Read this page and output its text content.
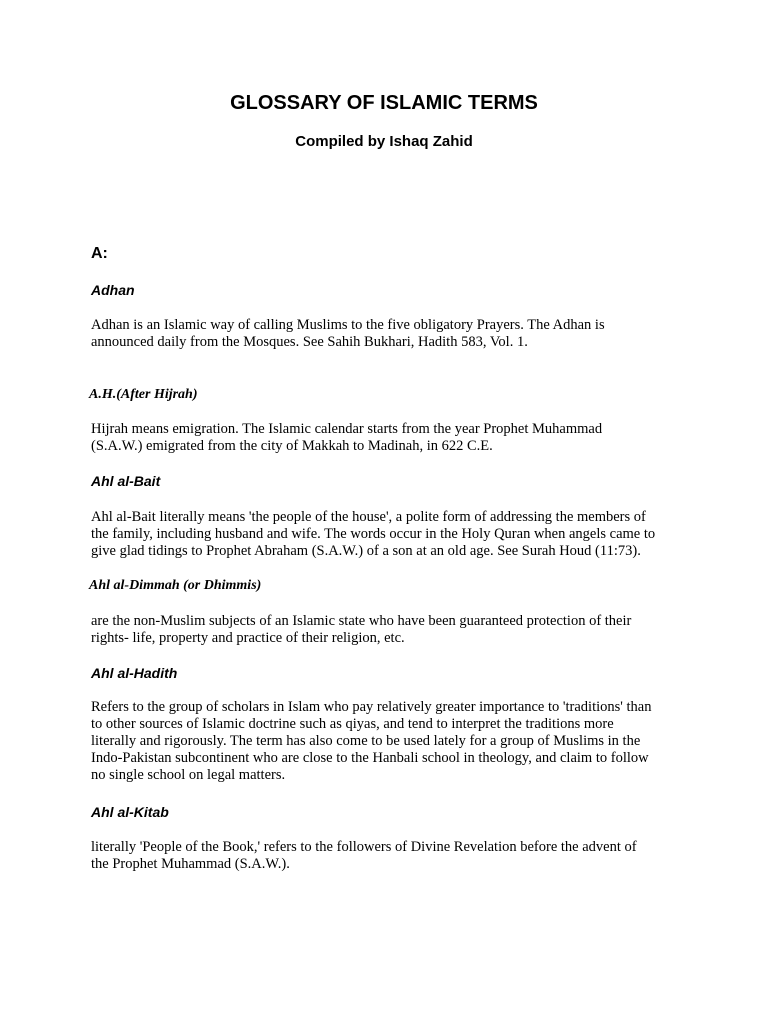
GLOSSARY OF ISLAMIC TERMS
Compiled by Ishaq Zahid
A:
Adhan
Adhan is an Islamic way of calling Muslims to the five obligatory Prayers. The Adhan is
announced daily from the Mosques. See Sahih Bukhari, Hadith 583, Vol. 1.
A.H.(After Hijrah)
Hijrah means emigration. The Islamic calendar starts from the year Prophet Muhammad
(S.A.W.) emigrated from the city of Makkah to Madinah, in 622 C.E.
Ahl al-Bait
Ahl al-Bait literally means 'the people of the house', a polite form of addressing the members of
the family, including husband and wife. The words occur in the Holy Quran when angels came to
give glad tidings to Prophet Abraham (S.A.W.) of a son at an old age. See Surah Houd (11:73).
Ahl al-Dimmah (or Dhimmis)
are the non-Muslim subjects of an Islamic state who have been guaranteed protection of their
rights- life, property and practice of their religion, etc.
Ahl al-Hadith
Refers to the group of scholars in Islam who pay relatively greater importance to 'traditions' than
to other sources of Islamic doctrine such as qiyas, and tend to interpret the traditions more
literally and rigorously. The term has also come to be used lately for a group of Muslims in the
Indo-Pakistan subcontinent who are close to the Hanbali school in theology, and claim to follow
no single school on legal matters.
Ahl al-Kitab
literally 'People of the Book,' refers to the followers of Divine Revelation before the advent of
the Prophet Muhammad (S.A.W.).
